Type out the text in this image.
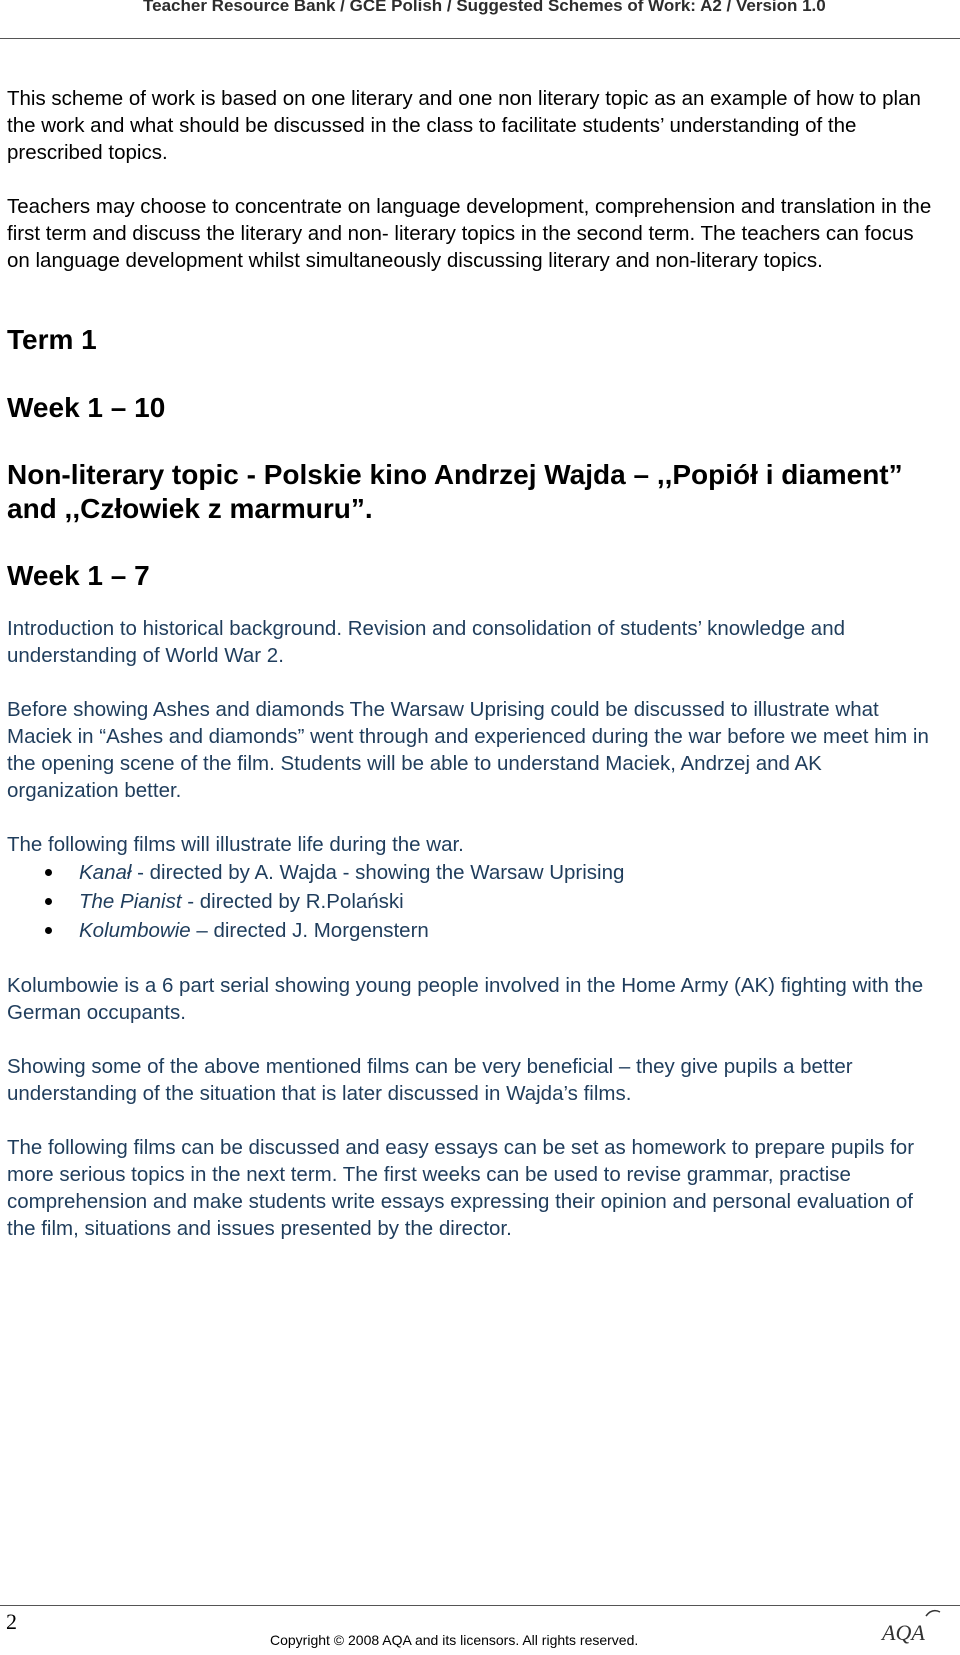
Teacher Resource Bank / GCE Polish / Suggested Schemes of Work: A2 / Version 1.0

This scheme of work is based on one literary and one non literary topic as an example of how to plan the work and what should be discussed in the class to facilitate students’ understanding of the prescribed topics.

Teachers may choose to concentrate on language development, comprehension and translation in the first term and discuss the literary and non- literary topics in the second term. The teachers can focus on language development whilst simultaneously discussing literary and non-literary topics.

Term 1
Week 1 – 10
Non-literary topic - Polskie kino Andrzej Wajda – ,,Popiół i diament” and ,,Człowiek z marmuru”.
Week 1 – 7

Introduction to historical background. Revision and consolidation of students’ knowledge and understanding of World War 2.

Before showing Ashes and diamonds The Warsaw Uprising could be discussed to illustrate what Maciek in “Ashes and diamonds” went through and experienced during the war before we meet him in the opening scene of the film. Students will be able to understand Maciek, Andrzej and AK organization better.

The following films will illustrate life during the war.

Kanał - directed by A. Wajda - showing the Warsaw Uprising
The Pianist - directed by R.Polański
Kolumbowie – directed J. Morgenstern

Kolumbowie is a 6 part serial showing young people involved in the Home Army (AK) fighting with the German occupants.

Showing some of the above mentioned films can be very beneficial – they give pupils a better understanding of the situation that is later discussed in Wajda’s films.

The following films can be discussed and easy essays can be set as homework to prepare pupils for more serious topics in the next term. The first weeks can be used to revise grammar, practise comprehension and make students write essays expressing their opinion and personal evaluation of the film, situations and issues presented by the director.

2
Copyright © 2008 AQA and its licensors. All rights reserved.	AQA
